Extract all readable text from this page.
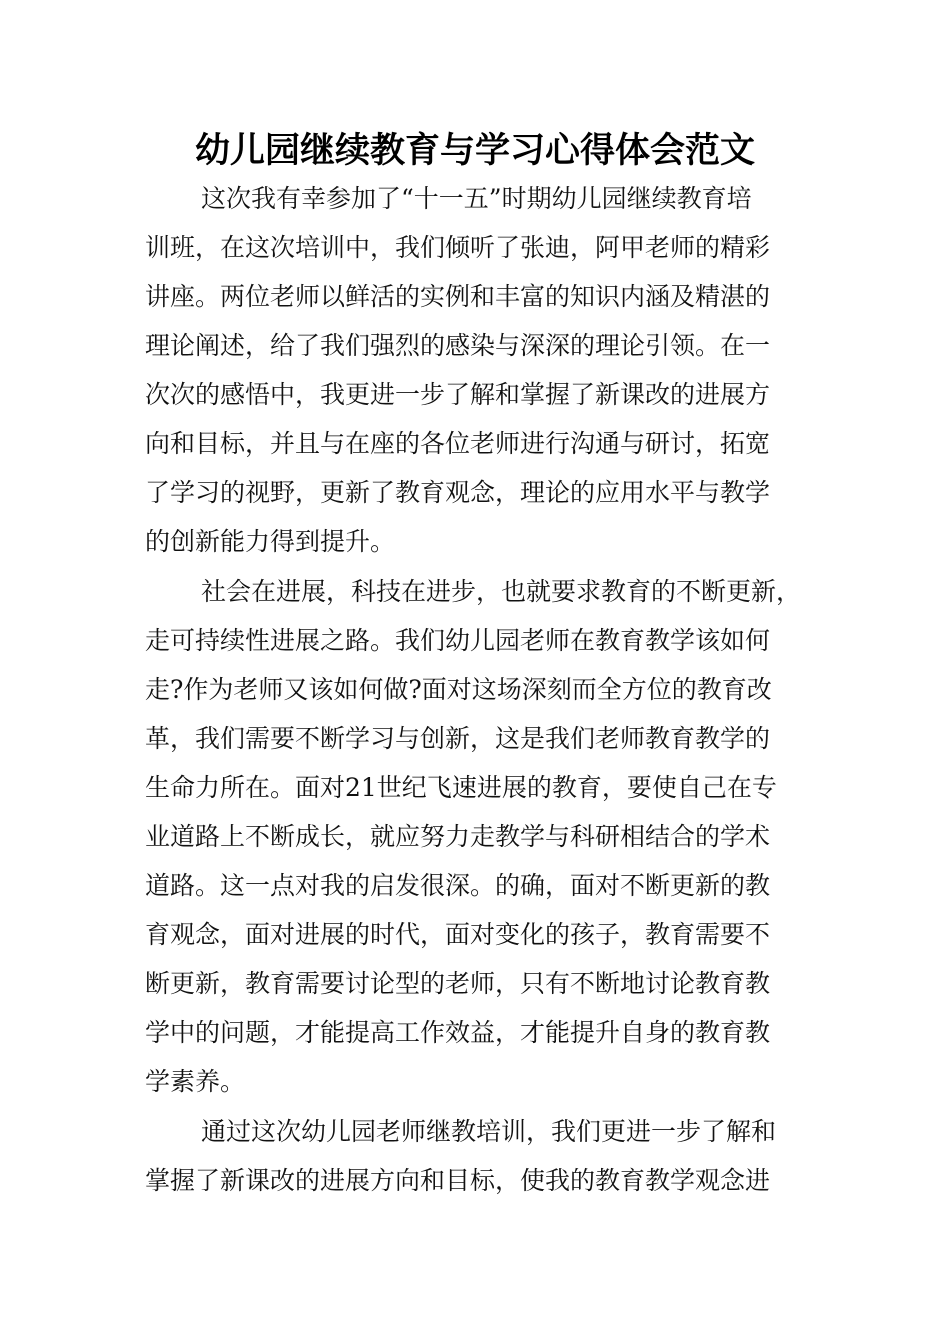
幼儿园继续教育与学习心得体会范文
这次我有幸参加了“十一五”时期幼儿园继续教育培
训班，在这次培训中，我们倾听了张迪，阿甲老师的精彩
讲座。两位老师以鲜活的实例和丰富的知识内涵及精湛的
理论阐述，给了我们强烈的感染与深深的理论引领。在一
次次的感悟中，我更进一步了解和掌握了新课改的进展方
向和目标，并且与在座的各位老师进行沟通与研讨，拓宽
了学习的视野，更新了教育观念，理论的应用水平与教学
的创新能力得到提升。
社会在进展，科技在进步，也就要求教育的不断更新，
走可持续性进展之路。我们幼儿园老师在教育教学该如何
走?作为老师又该如何做?面对这场深刻而全方位的教育改
革，我们需要不断学习与创新，这是我们老师教育教学的
生命力所在。面对21世纪飞速进展的教育，要使自己在专
业道路上不断成长，就应努力走教学与科研相结合的学术
道路。这一点对我的启发很深。的确，面对不断更新的教
育观念，面对进展的时代，面对变化的孩子，教育需要不
断更新，教育需要讨论型的老师，只有不断地讨论教育教
学中的问题，才能提高工作效益，才能提升自身的教育教
学素养。
通过这次幼儿园老师继教培训，我们更进一步了解和
掌握了新课改的进展方向和目标，使我的教育教学观念进
